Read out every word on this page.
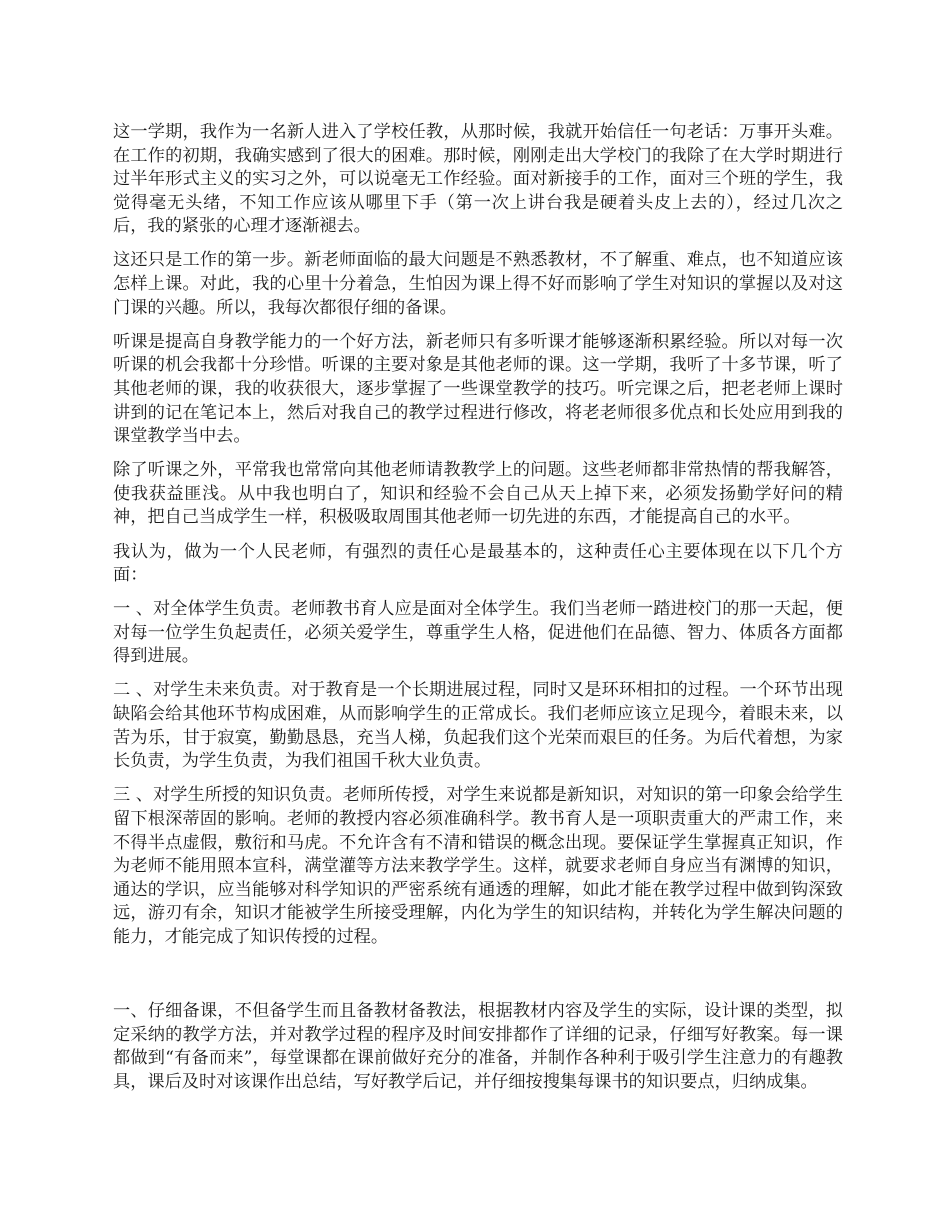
这一学期，我作为一名新人进入了学校任教，从那时候，我就开始信任一句老话：万事开头难。在工作的初期，我确实感到了很大的困难。那时候，刚刚走出大学校门的我除了在大学时期进行过半年形式主义的实习之外，可以说毫无工作经验。面对新接手的工作，面对三个班的学生，我觉得毫无头绪，不知工作应该从哪里下手（第一次上讲台我是硬着头皮上去的），经过几次之后，我的紧张的心理才逐渐褪去。

这还只是工作的第一步。新老师面临的最大问题是不熟悉教材，不了解重、难点，也不知道应该怎样上课。对此，我的心里十分着急，生怕因为课上得不好而影响了学生对知识的掌握以及对这门课的兴趣。所以，我每次都很仔细的备课。

听课是提高自身教学能力的一个好方法，新老师只有多听课才能够逐渐积累经验。所以对每一次听课的机会我都十分珍惜。听课的主要对象是其他老师的课。这一学期，我听了十多节课，听了其他老师的课，我的收获很大，逐步掌握了一些课堂教学的技巧。听完课之后，把老老师上课时讲到的记在笔记本上，然后对我自己的教学过程进行修改，将老老师很多优点和长处应用到我的课堂教学当中去。

除了听课之外，平常我也常常向其他老师请教教学上的问题。这些老师都非常热情的帮我解答，使我获益匪浅。从中我也明白了，知识和经验不会自己从天上掉下来，必须发扬勤学好问的精神，把自己当成学生一样，积极吸取周围其他老师一切先进的东西，才能提高自己的水平。

我认为，做为一个人民老师，有强烈的责任心是最基本的，这种责任心主要体现在以下几个方面：

一 、对全体学生负责。老师教书育人应是面对全体学生。我们当老师一踏进校门的那一天起，便对每一位学生负起责任，必须关爱学生，尊重学生人格，促进他们在品德、智力、体质各方面都得到进展。

二 、对学生未来负责。对于教育是一个长期进展过程，同时又是环环相扣的过程。一个环节出现缺陷会给其他环节构成困难，从而影响学生的正常成长。我们老师应该立足现今，着眼未来，以苦为乐，甘于寂寞，勤勤恳恳，充当人梯，负起我们这个光荣而艰巨的任务。为后代着想，为家长负责，为学生负责，为我们祖国千秋大业负责。

三 、对学生所授的知识负责。老师所传授，对学生来说都是新知识，对知识的第一印象会给学生留下根深蒂固的影响。老师的教授内容必须准确科学。教书育人是一项职责重大的严肃工作，来不得半点虚假，敷衍和马虎。不允许含有不清和错误的概念出现。要保证学生掌握真正知识，作为老师不能用照本宣科，满堂灌等方法来教学学生。这样，就要求老师自身应当有渊博的知识，通达的学识，应当能够对科学知识的严密系统有通透的理解，如此才能在教学过程中做到钩深致远，游刃有余，知识才能被学生所接受理解，内化为学生的知识结构，并转化为学生解决问题的能力，才能完成了知识传授的过程。

一、仔细备课，不但备学生而且备教材备教法，根据教材内容及学生的实际，设计课的类型，拟定采纳的教学方法，并对教学过程的程序及时间安排都作了详细的记录，仔细写好教案。每一课都做到“有备而来”，每堂课都在课前做好充分的准备，并制作各种利于吸引学生注意力的有趣教具，课后及时对该课作出总结，写好教学后记，并仔细按搜集每课书的知识要点，归纳成集。
